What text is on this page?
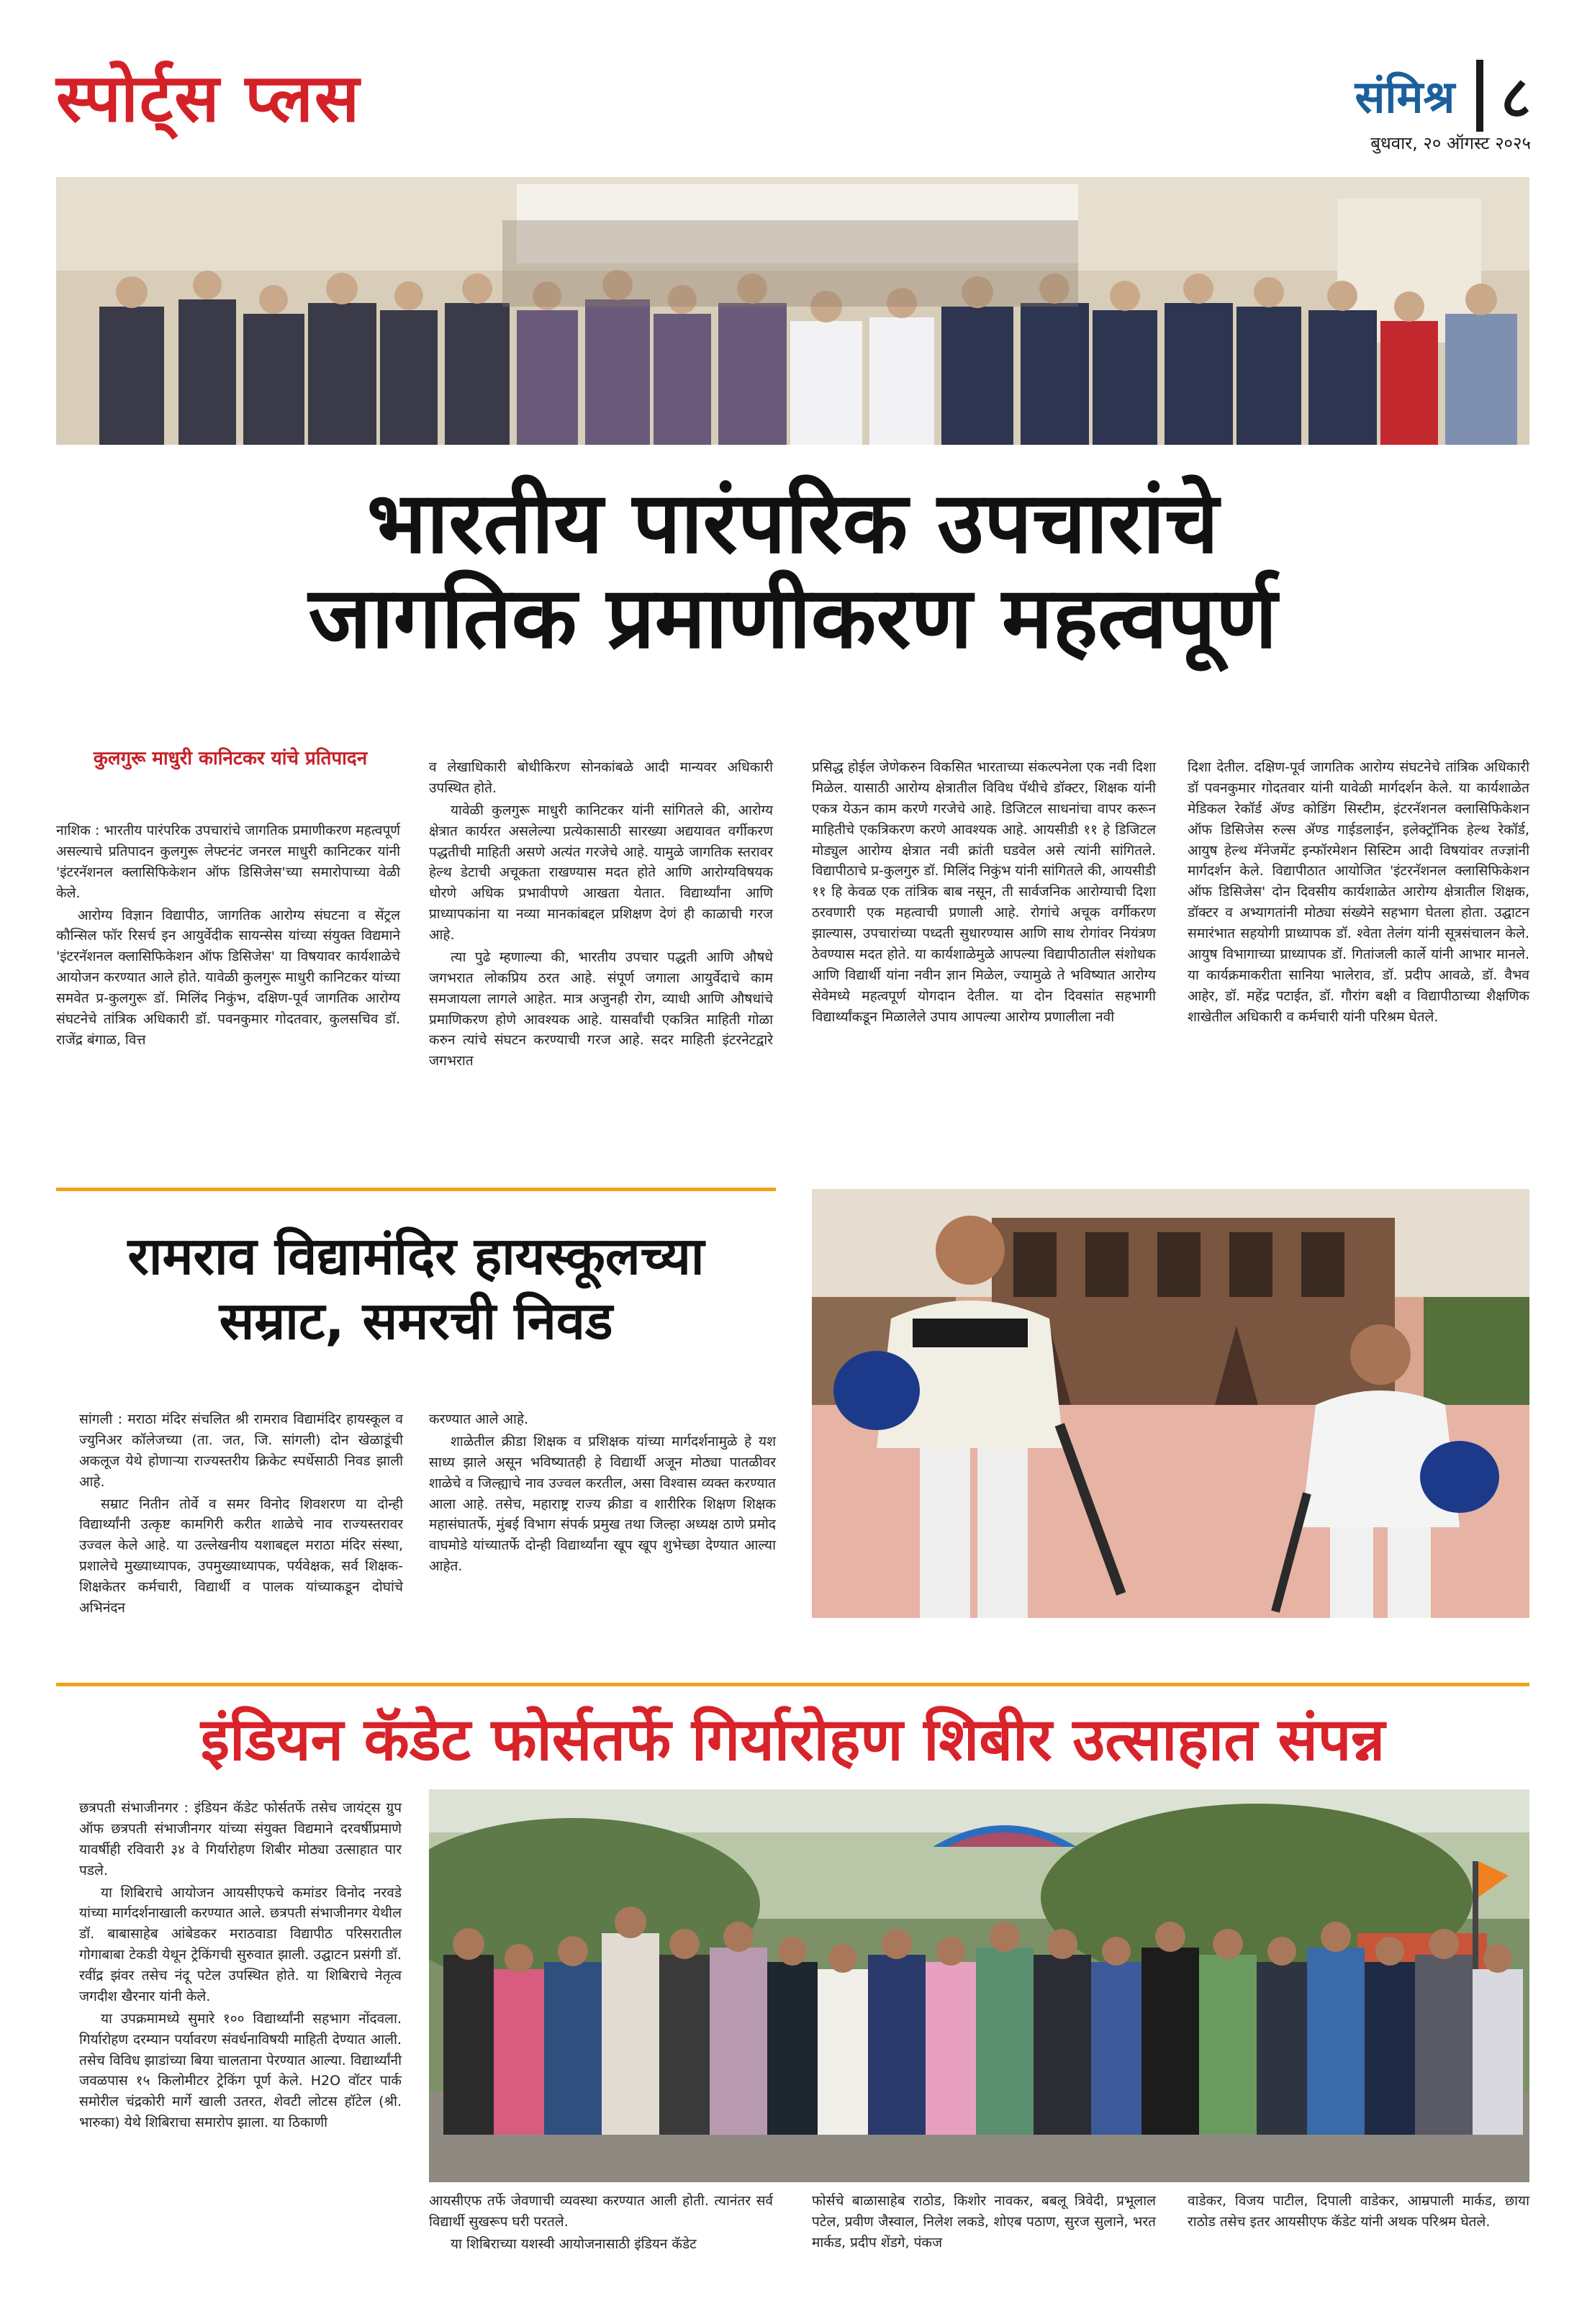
स्पोर्ट्स प्लस	संमिश्र ८
बुधवार, २० ऑगस्ट २०२५
भारतीय पारंपरिक उपचारांचे
जागतिक प्रमाणीकरण महत्वपूर्ण
कुलगुरू माधुरी कानिटकर यांचे प्रतिपादन

नाशिक : भारतीय पारंपरिक उपचारांचे जागतिक प्रमाणीकरण महत्वपूर्ण असल्याचे प्रतिपादन कुलगुरू लेफ्टनंट जनरल माधुरी कानिटकर यांनी 'इंटरनॅशनल क्लासिफिकेशन ऑफ डिसिजेस'च्या समारोपाच्या वेळी केले.

आरोग्य विज्ञान विद्यापीठ, जागतिक आरोग्य संघटना व सेंट्रल कौन्सिल फॉर रिसर्च इन आयुर्वेदीक सायन्सेस यांच्या संयुक्त विद्यमाने 'इंटरनॅशनल क्लासिफिकेशन ऑफ डिसिजेस' या विषयावर कार्यशाळेचे आयोजन करण्यात आले होते. यावेळी कुलगुरू माधुरी कानिटकर यांच्या समवेत प्र-कुलगुरू डॉ. मिलिंद निकुंभ, दक्षिण-पूर्व जागतिक आरोग्य संघटनेचे तांत्रिक अधिकारी डॉ. पवनकुमार गोदतवार, कुलसचिव डॉ. राजेंद्र बंगाळ, वित्त

व लेखाधिकारी बोधीकिरण सोनकांबळे आदी मान्यवर अधिकारी उपस्थित होते.

यावेळी कुलगुरू माधुरी कानिटकर यांनी सांगितले की, आरोग्य क्षेत्रात कार्यरत असलेल्या प्रत्येकासाठी सारख्या अद्ययावत वर्गीकरण पद्धतीची माहिती असणे अत्यंत गरजेचे आहे. यामुळे जागतिक स्तरावर हेल्थ डेटाची अचूकता राखण्यास मदत होते आणि आरोग्यविषयक धोरणे अधिक प्रभावीपणे आखता येतात. विद्यार्थ्यांना आणि प्राध्यापकांना या नव्या मानकांबद्दल प्रशिक्षण देणं ही काळाची गरज आहे.

त्या पुढे म्हणाल्या की, भारतीय उपचार पद्धती आणि औषधे जगभरात लोकप्रिय ठरत आहे. संपूर्ण जगाला आयुर्वेदाचे काम समजायला लागले आहेत. मात्र अजुनही रोग, व्याधी आणि औषधांचे प्रमाणिकरण होणे आवश्यक आहे. यासर्वांची एकत्रित माहिती गोळा करुन त्यांचे संघटन करण्याची गरज आहे. सदर माहिती इंटरनेटद्वारे जगभरात

प्रसिद्ध होईल जेणेकरुन विकसित भारताच्या संकल्पनेला एक नवी दिशा मिळेल. यासाठी आरोग्य क्षेत्रातील विविध पॅथीचे डॉक्टर, शिक्षक यांनी एकत्र येऊन काम करणे गरजेचे आहे. डिजिटल साधनांचा वापर करून माहितीचे एकत्रिकरण करणे आवश्यक आहे. आयसीडी ११ हे डिजिटल मोड्युल आरोग्य क्षेत्रात नवी क्रांती घडवेल असे त्यांनी सांगितले. विद्यापीठाचे प्र-कुलगुरु डॉ. मिलिंद निकुंभ यांनी सांगितले की, आयसीडी ११ हि केवळ एक तांत्रिक बाब नसून, ती सार्वजनिक आरोग्याची दिशा ठरवणारी एक महत्वाची प्रणाली आहे. रोगांचे अचूक वर्गीकरण झाल्यास, उपचारांच्या पध्दती सुधारण्यास आणि साथ रोगांवर नियंत्रण ठेवण्यास मदत होते. या कार्यशाळेमुळे आपल्या विद्यापीठातील संशोधक आणि विद्यार्थी यांना नवीन ज्ञान मिळेल, ज्यामुळे ते भविष्यात आरोग्य सेवेमध्ये महत्वपूर्ण योगदान देतील. या दोन दिवसांत सहभागी विद्यार्थ्यांकडून मिळालेले उपाय आपल्या आरोग्य प्रणालीला नवी

दिशा देतील. दक्षिण-पूर्व जागतिक आरोग्य संघटनेचे तांत्रिक अधिकारी डॉ पवनकुमार गोदतवार यांनी यावेळी मार्गदर्शन केले. या कार्यशाळेत मेडिकल रेकॉर्ड ॲण्ड कोडिंग सिस्टीम, इंटरनॅशनल क्लासिफिकेशन ऑफ डिसिजेस रुल्स ॲण्ड गाईडलाईन, इलेक्ट्रॉनिक हेल्थ रेकॉर्ड, आयुष हेल्थ मॅनेजमेंट इन्फॉरमेशन सिस्टिम आदी विषयांवर तज्ज्ञांनी मार्गदर्शन केले. विद्यापीठात आयोजित 'इंटरनॅशनल क्लासिफिकेशन ऑफ डिसिजेस' दोन दिवसीय कार्यशाळेत आरोग्य क्षेत्रातील शिक्षक, डॉक्टर व अभ्यागतांनी मोठ्या संख्येने सहभाग घेतला होता. उद्घाटन समारंभात सहयोगी प्राध्यापक डॉ. श्वेता तेलंग यांनी सूत्रसंचालन केले. आयुष विभागाच्या प्राध्यापक डॉ. गितांजली कार्ले यांनी आभार मानले. या कार्यक्रमाकरीता सानिया भालेराव, डॉ. प्रदीप आवळे, डॉ. वैभव आहेर, डॉ. महेंद्र पटाईत, डॉ. गौरांग बक्षी व विद्यापीठाच्या शैक्षणिक शाखेतील अधिकारी व कर्मचारी यांनी परिश्रम घेतले.

रामराव विद्यामंदिर हायस्कूलच्या
सम्राट, समरची निवड

सांगली : मराठा मंदिर संचलित श्री रामराव विद्यामंदिर हायस्कूल व ज्युनिअर कॉलेजच्या (ता. जत, जि. सांगली) दोन खेळाडूंची अकलूज येथे होणाऱ्या राज्यस्तरीय क्रिकेट स्पर्धेसाठी निवड झाली आहे.

सम्राट नितीन तोर्वे व समर विनोद शिवशरण या दोन्ही विद्यार्थ्यांनी उत्कृष्ट कामगिरी करीत शाळेचे नाव राज्यस्तरावर उज्वल केले आहे. या उल्लेखनीय यशाबद्दल मराठा मंदिर संस्था, प्रशालेचे मुख्याध्यापक, उपमुख्याध्यापक, पर्यवेक्षक, सर्व शिक्षक-शिक्षकेतर कर्मचारी, विद्यार्थी व पालक यांच्याकडून दोघांचे अभिनंदन

करण्यात आले आहे.

शाळेतील क्रीडा शिक्षक व प्रशिक्षक यांच्या मार्गदर्शनामुळे हे यश साध्य झाले असून भविष्यातही हे विद्यार्थी अजून मोठ्या पातळीवर शाळेचे व जिल्ह्याचे नाव उज्वल करतील, असा विश्वास व्यक्त करण्यात आला आहे. तसेच, महाराष्ट्र राज्य क्रीडा व शारीरिक शिक्षण शिक्षक महासंघातर्फे, मुंबई विभाग संपर्क प्रमुख तथा जिल्हा अध्यक्ष ठाणे प्रमोद वाघमोडे यांच्यातर्फे दोन्ही विद्यार्थ्यांना खूप खूप शुभेच्छा देण्यात आल्या आहेत.

इंडियन कॅडेट फोर्सतर्फे गिर्यारोहण शिबीर उत्साहात संपन्न

छत्रपती संभाजीनगर : इंडियन कॅडेट फोर्सतर्फे तसेच जायंट्स ग्रुप ऑफ छत्रपती संभाजीनगर यांच्या संयुक्त विद्यमाने दरवर्षीप्रमाणे यावर्षीही रविवारी ३४ वे गिर्यारोहण शिबीर मोठ्या उत्साहात पार पडले.

या शिबिराचे आयोजन आयसीएफचे कमांडर विनोद नरवडे यांच्या मार्गदर्शनाखाली करण्यात आले. छत्रपती संभाजीनगर येथील डॉ. बाबासाहेब आंबेडकर मराठवाडा विद्यापीठ परिसरातील गोगाबाबा टेकडी येथून ट्रेकिंगची सुरुवात झाली. उद्घाटन प्रसंगी डॉ. रवींद्र झंवर तसेच नंदू पटेल उपस्थित होते. या शिबिराचे नेतृत्व जगदीश खैरनार यांनी केले.

या उपक्रमामध्ये सुमारे १०० विद्यार्थ्यांनी सहभाग नोंदवला. गिर्यारोहण दरम्यान पर्यावरण संवर्धनाविषयी माहिती देण्यात आली. तसेच विविध झाडांच्या बिया चालताना पेरण्यात आल्या. विद्यार्थ्यांनी जवळपास १५ किलोमीटर ट्रेकिंग पूर्ण केले. H2O वॉटर पार्क समोरील चंद्रकोरी मार्गे खाली उतरत, शेवटी लोटस हॉटेल (श्री. भारुका) येथे शिबिराचा समारोप झाला. या ठिकाणी

आयसीएफ तर्फे जेवणाची व्यवस्था करण्यात आली होती. त्यानंतर सर्व विद्यार्थी सुखरूप घरी परतले.

या शिबिराच्या यशस्वी आयोजनासाठी इंडियन कॅडेट

फोर्सचे बाळासाहेब राठोड, किशोर नावकर, बबलू त्रिवेदी, प्रभूलाल पटेल, प्रवीण जैस्वाल, निलेश लकडे, शोएब पठाण, सुरज सुलाने, भरत मार्कड, प्रदीप शेंडगे, पंकज

वाडेकर, विजय पाटील, दिपाली वाडेकर, आम्रपाली मार्कड, छाया राठोड तसेच इतर आयसीएफ कॅडेट यांनी अथक परिश्रम घेतले.
